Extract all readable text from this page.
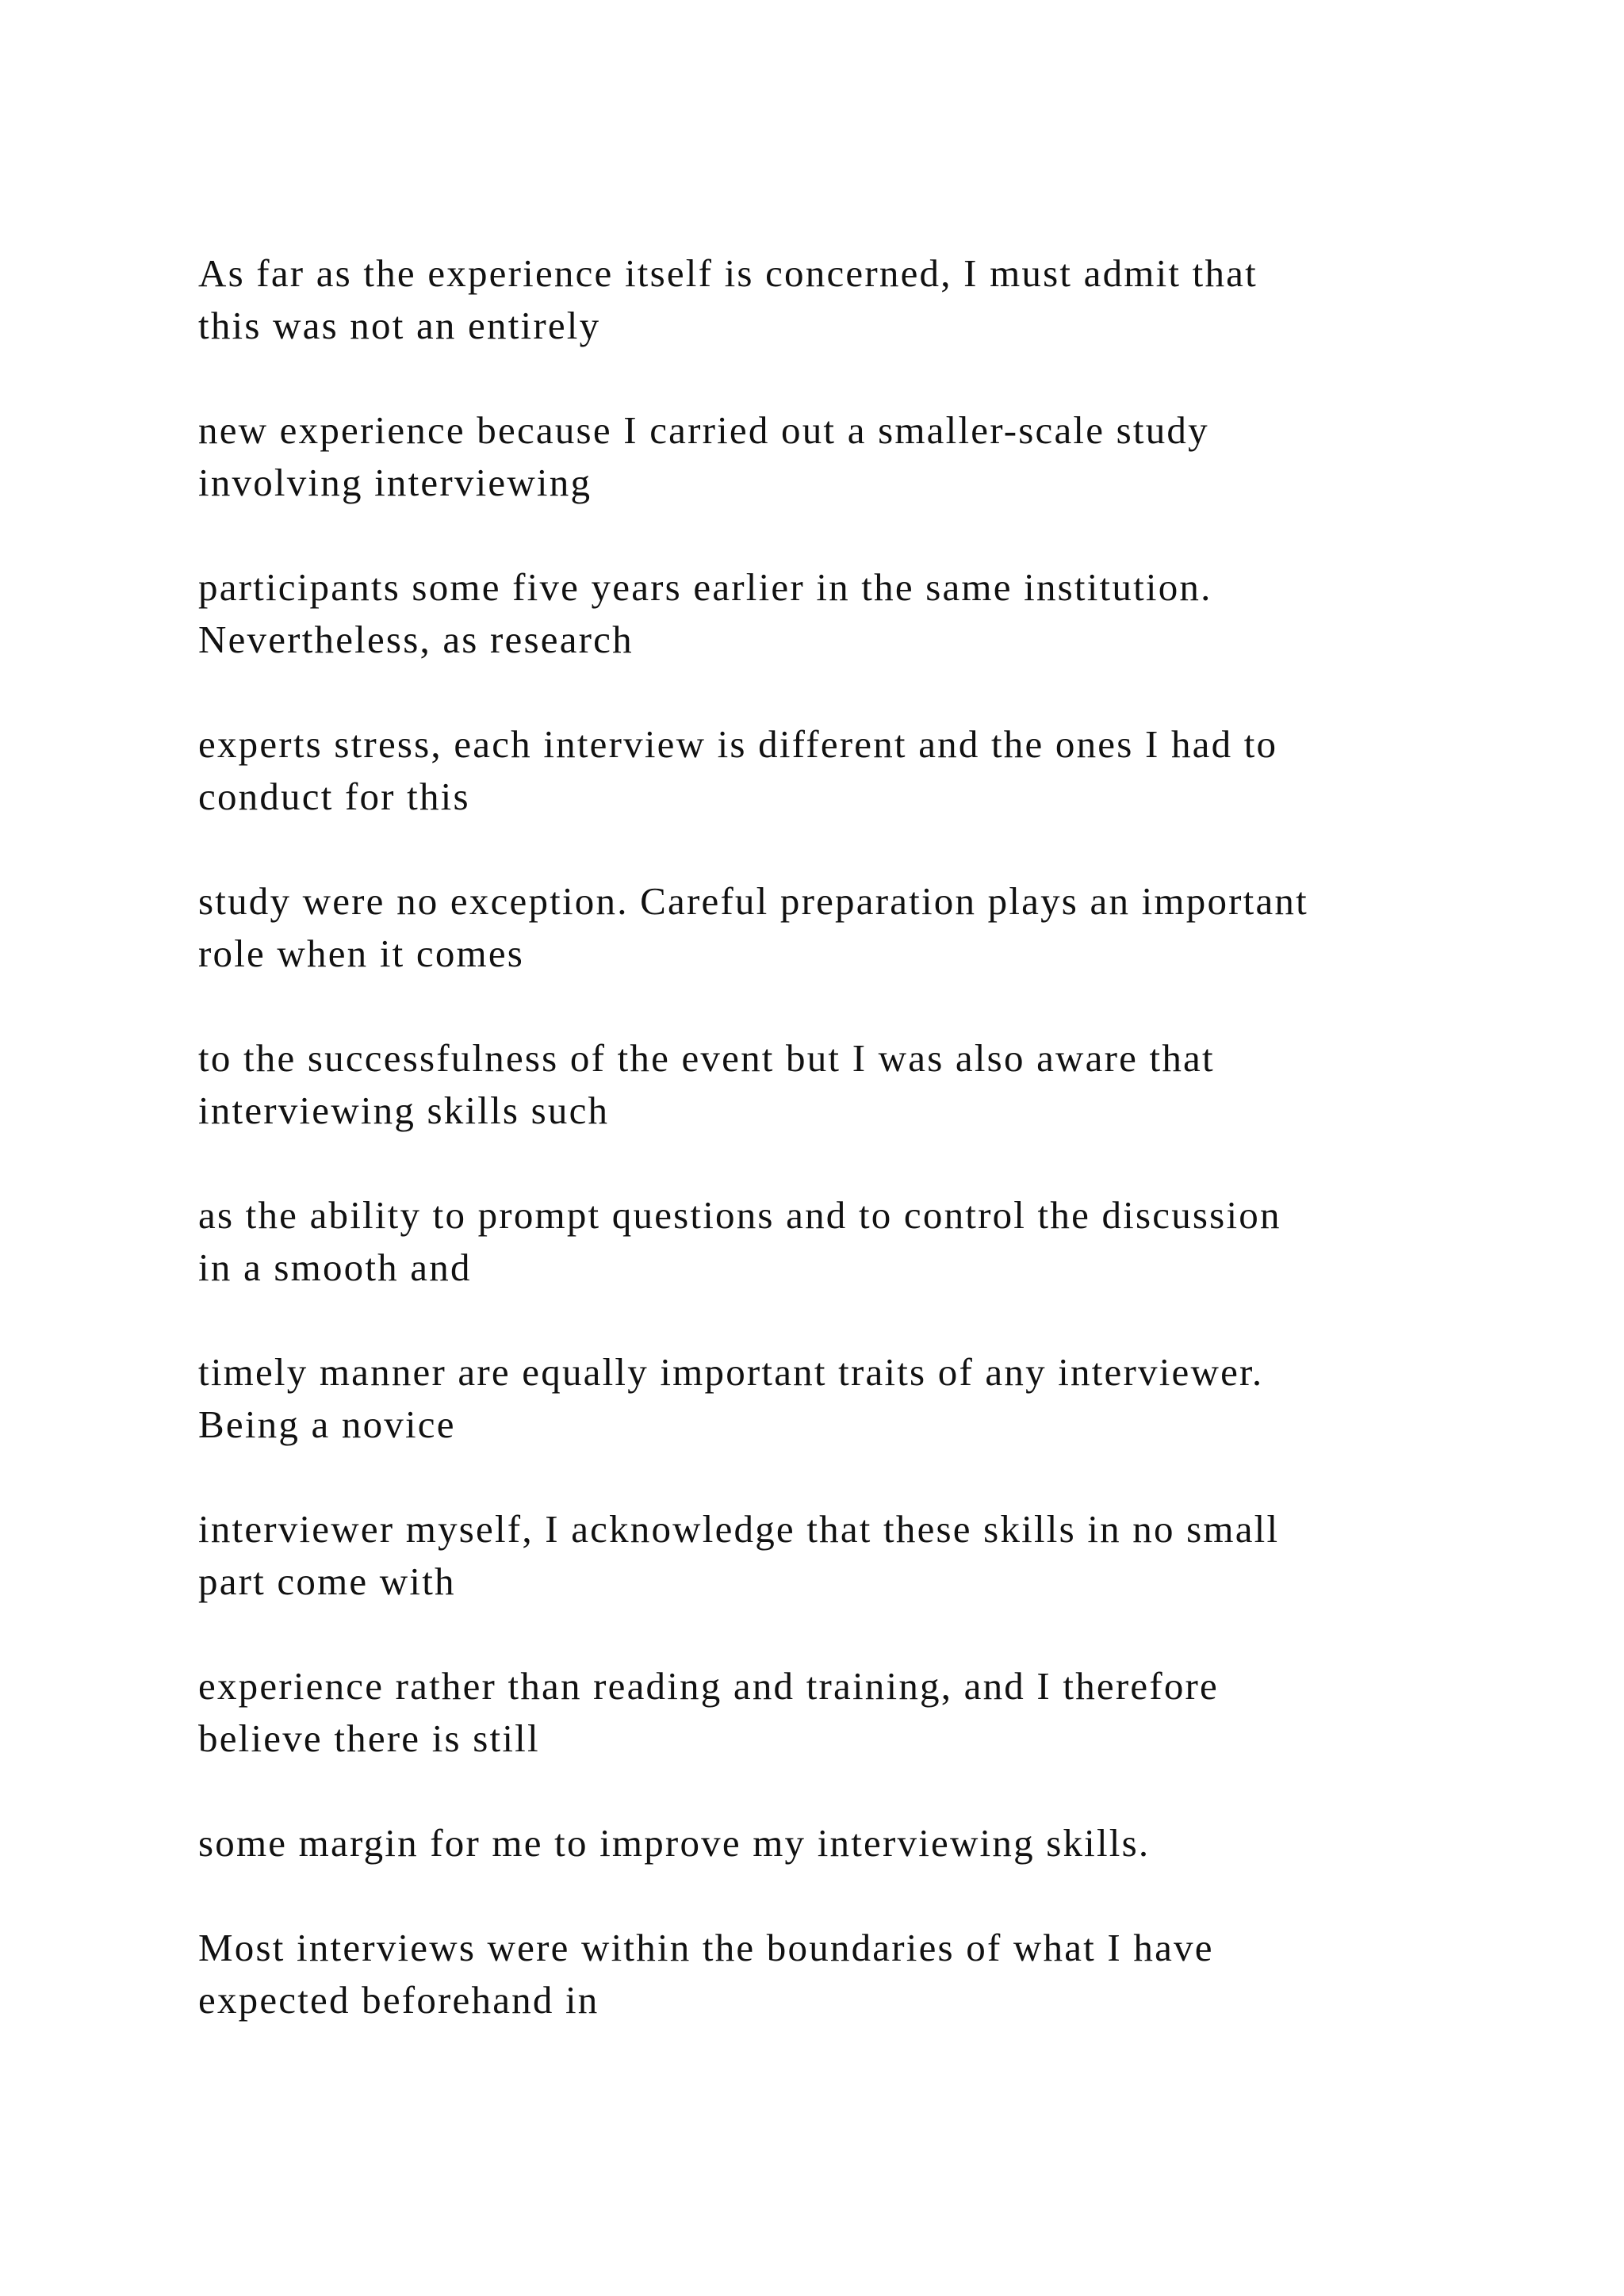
As far as the experience itself is concerned, I must admit that
this was not an entirely

new experience because I carried out a smaller-scale study
involving interviewing

participants some five years earlier in the same institution.
Nevertheless, as research

experts stress, each interview is different and the ones I had to
conduct for this

study were no exception. Careful preparation plays an important
role when it comes

to the successfulness of the event but I was also aware that
interviewing skills such

as the ability to prompt questions and to control the discussion
in a smooth and

timely manner are equally important traits of any interviewer.
Being a novice

interviewer myself, I acknowledge that these skills in no small
part come with

experience rather than reading and training, and I therefore
believe there is still

some margin for me to improve my interviewing skills.

Most interviews were within the boundaries of what I have
expected beforehand in
